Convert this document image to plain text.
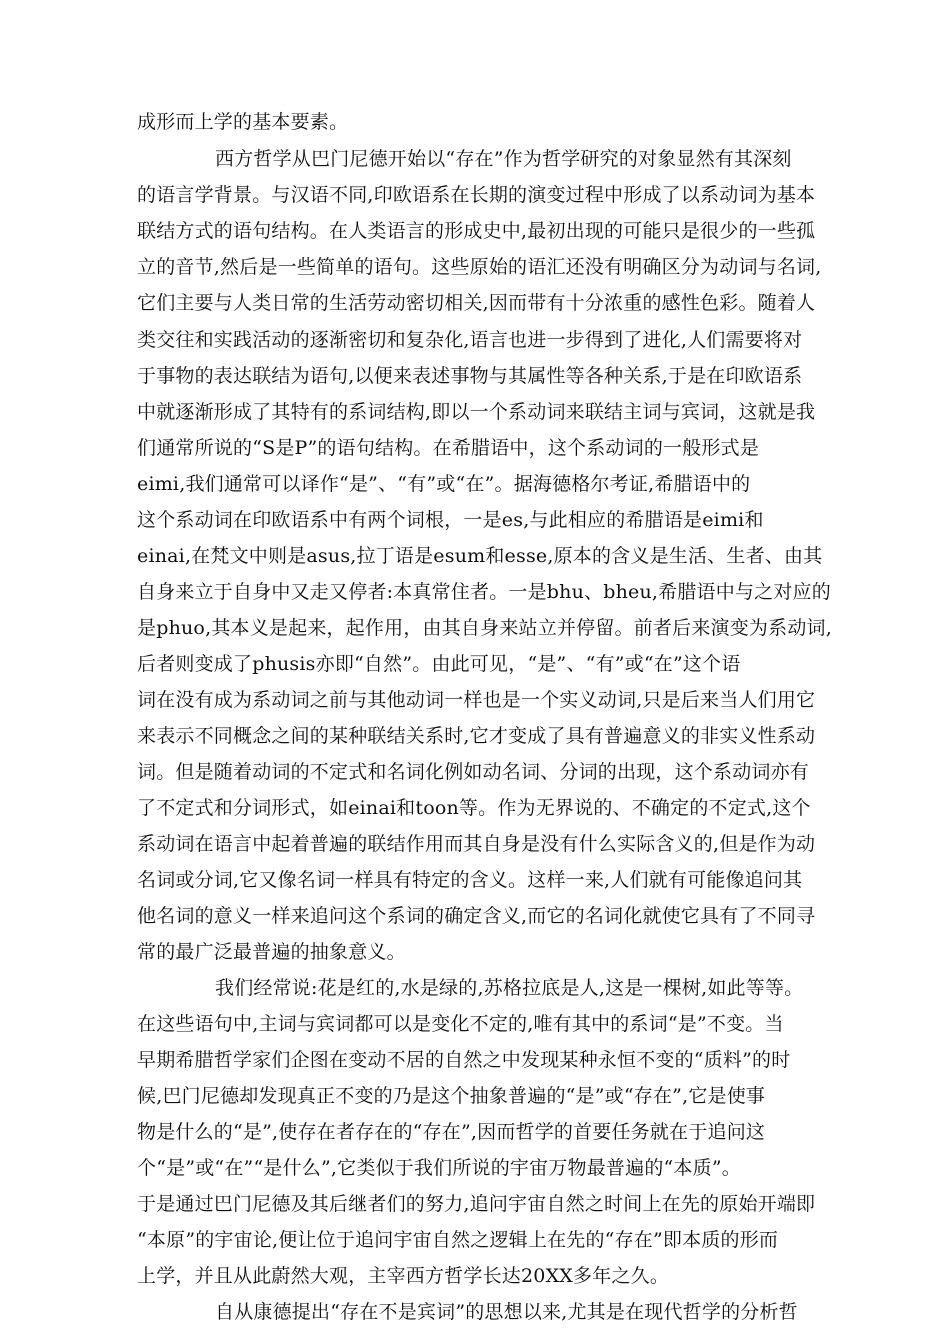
成形而上学的基本要素。
西方哲学从巴门尼德开始以“存在”作为哲学研究的对象显然有其深刻
的语言学背景。与汉语不同,印欧语系在长期的演变过程中形成了以系动词为基本
联结方式的语句结构。在人类语言的形成史中,最初出现的可能只是很少的一些孤
立的音节,然后是一些简单的语句。这些原始的语汇还没有明确区分为动词与名词,
它们主要与人类日常的生活劳动密切相关,因而带有十分浓重的感性色彩。随着人
类交往和实践活动的逐渐密切和复杂化,语言也进一步得到了进化,人们需要将对
于事物的表达联结为语句,以便来表述事物与其属性等各种关系,于是在印欧语系
中就逐渐形成了其特有的系词结构,即以一个系动词来联结主词与宾词，这就是我
们通常所说的“S是P”的语句结构。在希腊语中，这个系动词的一般形式是
eimi,我们通常可以译作“是”、“有”或“在”。据海德格尔考证,希腊语中的
这个系动词在印欧语系中有两个词根，一是es,与此相应的希腊语是eimi和
einai,在梵文中则是asus,拉丁语是esum和esse,原本的含义是生活、生者、由其
自身来立于自身中又走又停者:本真常住者。一是bhu、bheu,希腊语中与之对应的
是phuo,其本义是起来，起作用，由其自身来站立并停留。前者后来演变为系动词,
后者则变成了phusis亦即“自然”。由此可见，“是”、“有”或“在”这个语
词在没有成为系动词之前与其他动词一样也是一个实义动词,只是后来当人们用它
来表示不同概念之间的某种联结关系时,它才变成了具有普遍意义的非实义性系动
词。但是随着动词的不定式和名词化例如动名词、分词的出现，这个系动词亦有
了不定式和分词形式，如einai和toon等。作为无界说的、不确定的不定式,这个
系动词在语言中起着普遍的联结作用而其自身是没有什么实际含义的,但是作为动
名词或分词,它又像名词一样具有特定的含义。这样一来,人们就有可能像追问其
他名词的意义一样来追问这个系词的确定含义,而它的名词化就使它具有了不同寻
常的最广泛最普遍的抽象意义。
我们经常说:花是红的,水是绿的,苏格拉底是人,这是一棵树,如此等等。
在这些语句中,主词与宾词都可以是变化不定的,唯有其中的系词“是”不变。当
早期希腊哲学家们企图在变动不居的自然之中发现某种永恒不变的“质料”的时
候,巴门尼德却发现真正不变的乃是这个抽象普遍的“是”或“存在”,它是使事
物是什么的“是”,使存在者存在的“存在”,因而哲学的首要任务就在于追问这
个“是”或“在”“是什么”,它类似于我们所说的宇宙万物最普遍的“本质”。
于是通过巴门尼德及其后继者们的努力,追问宇宙自然之时间上在先的原始开端即
“本原”的宇宙论,便让位于追问宇宙自然之逻辑上在先的“存在”即本质的形而
上学，并且从此蔚然大观，主宰西方哲学长达20XX多年之久。
自从康德提出“存在不是宾词”的思想以来,尤其是在现代哲学的分析哲
